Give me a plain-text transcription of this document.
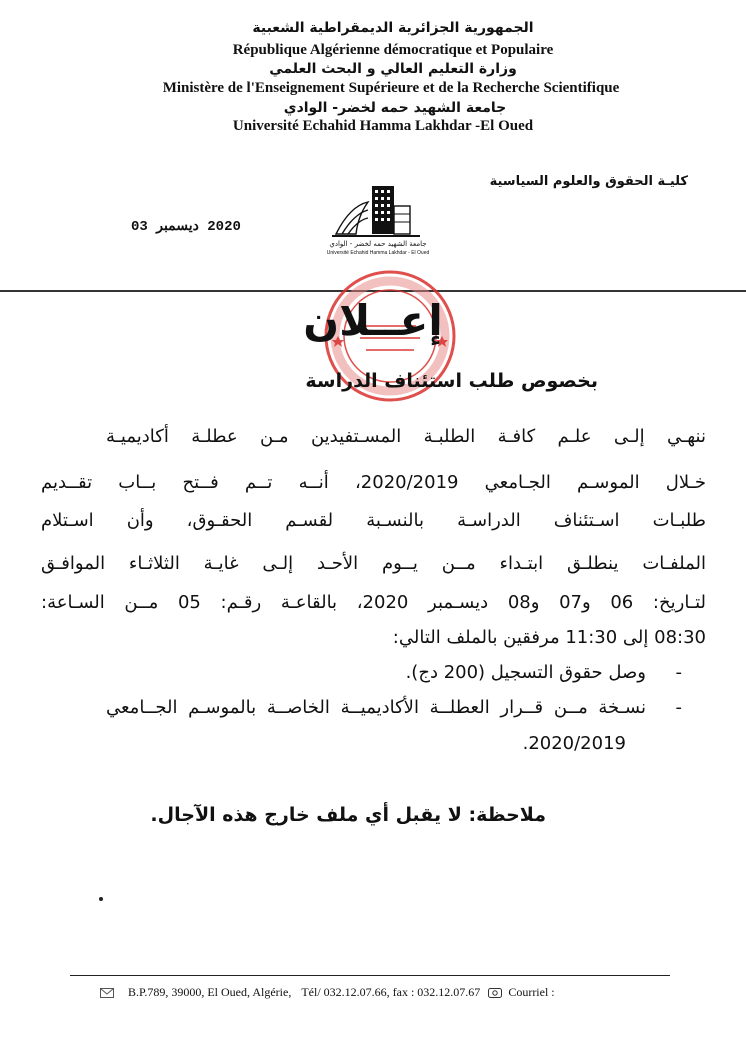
الجمهورية الجزائرية الديمقراطية الشعبية
République Algérienne démocratique et Populaire
وزارة التعليم العالي و البحث العلمي
Ministère de l'Enseignement Supérieure et de la Recherche Scientifique
جامعة الشهيد حمه لخضر- الوادي
Université Echahid Hamma Lakhdar -El Oued
كليـة الحقوق والعلوم السياسية
2020 ديسمبر 03
جامعة الشهيد حمه لخضر - الوادي
Université Echahid Hamma Lakhdar - El Oued
إعــلان
بخصوص طلب استئناف الدراسة
ننهـي إلـى علـم كافـة الطلبـة المسـتفيدين مـن عطلـة أكاديميـة
خـلال الموسـم الجـامعي 2020/2019، أنــه تــم فــتح بــاب تقــديم
طلبـات اسـتئناف الدراسـة بالنسـبة لقسـم الحقـوق، وأن اسـتلام
الملفـات ينطلـق ابتـداء مــن يــوم الأحـد إلـى غايـة الثلاثـاء الموافـق
لتـاريخ: 06 و07 و08 ديسـمبر 2020، بالقاعـة رقـم: 05 مــن السـاعة:
08:30 إلى 11:30 مرفقين بالملف التالي:
-
وصل حقوق التسجيل (200 دج).
-
نسـخة مــن قــرار العطلــة الأكاديميــة الخاصــة بالموسـم الجــامعي
2020/2019.
ملاحظة: لا يقبل أي ملف خارج هذه الآجال.
B.P.789, 39000, El Oued, Algérie, Tél/ 032.12.07.66, fax : 032.12.07.67 Courriel :
